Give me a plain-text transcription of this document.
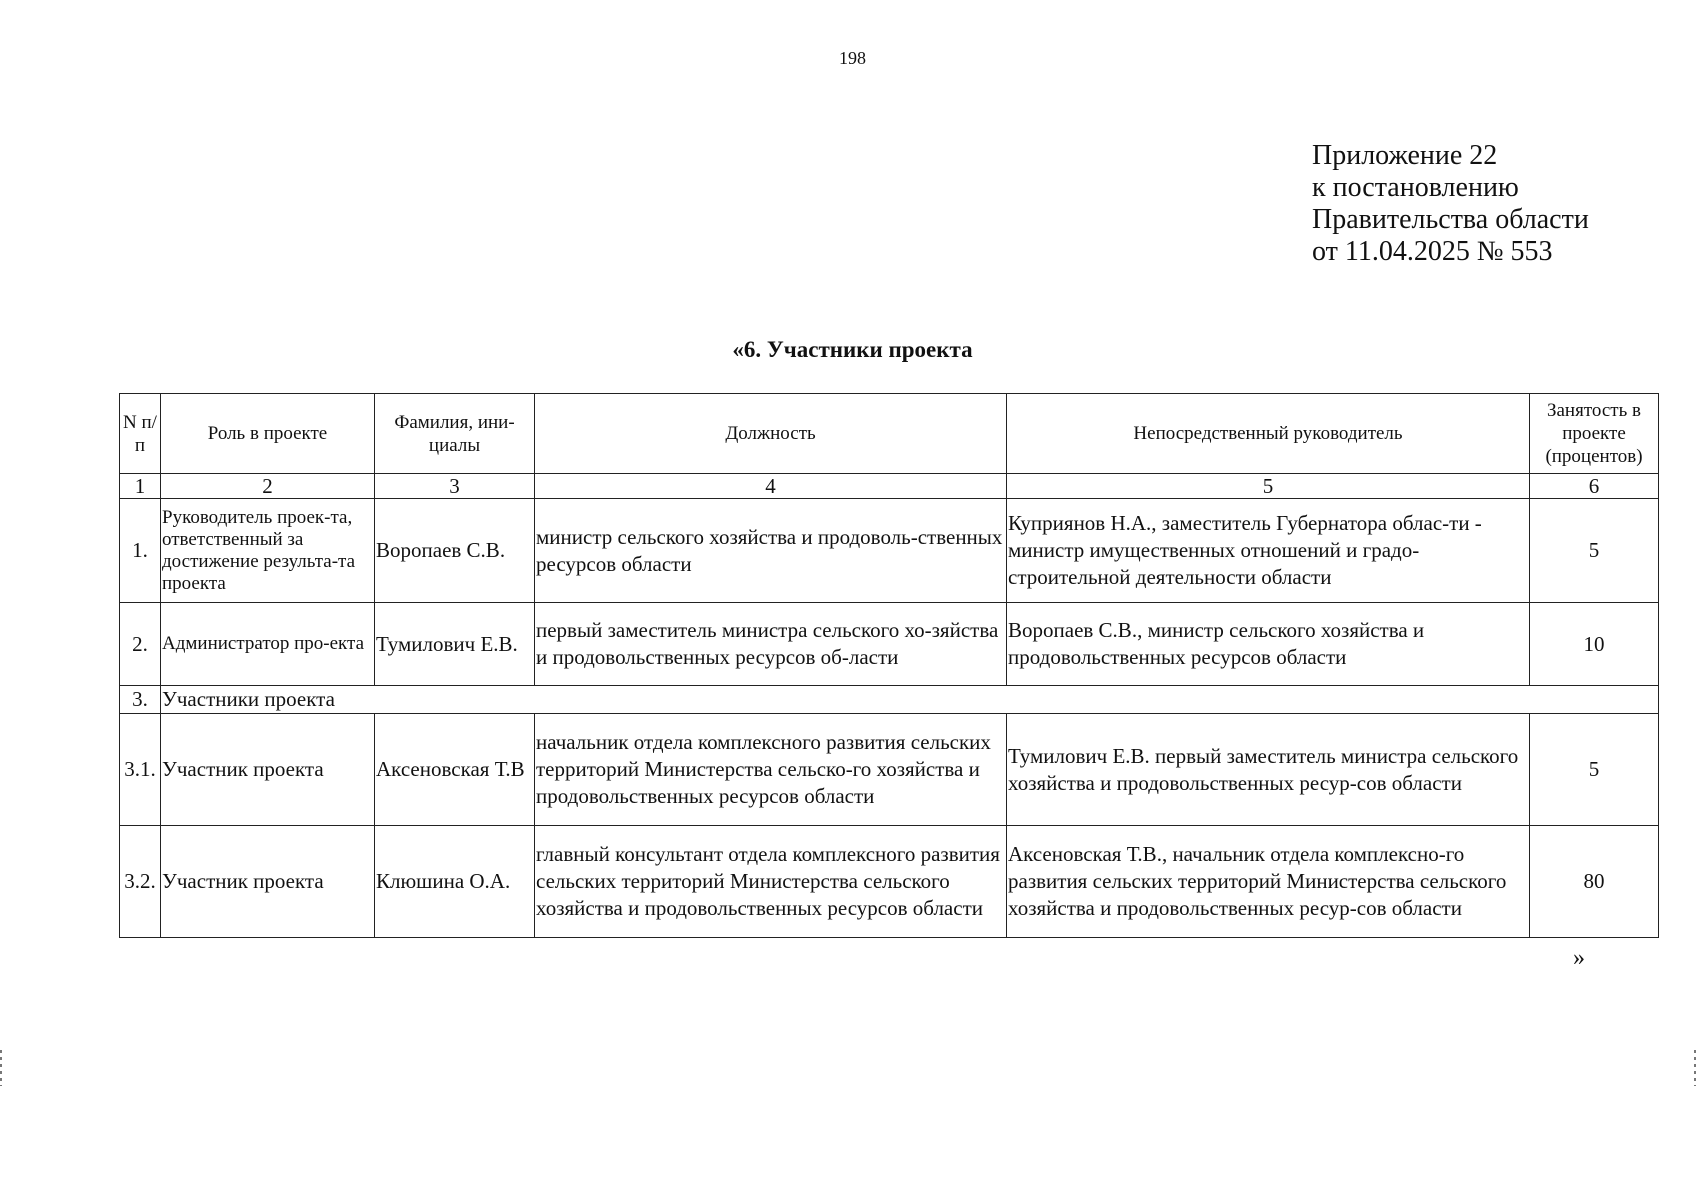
198
Приложение 22
к постановлению
Правительства области
от 11.04.2025 № 553
«6. Участники проекта
N п/п	Роль в проекте	Фамилия, ини-циалы	Должность	Непосредственный руководитель	Занятость в проекте (процентов)
1	2	3	4	5	6
1.	Руководитель проек-та, ответственный за достижение результа-та проекта	Воропаев С.В.	министр сельского хозяйства и продоволь-ственных ресурсов области	Куприянов Н.А., заместитель Губернатора облас-ти - министр имущественных отношений и градо-строительной деятельности области	5
2.	Администратор про-екта	Тумилович Е.В.	первый заместитель министра сельского хо-зяйства и продовольственных ресурсов об-ласти	Воропаев С.В., министр сельского хозяйства и продовольственных ресурсов области	10
3.	Участники проекта				
3.1.	Участник проекта	Аксеновская Т.В	начальник отдела комплексного развития сельских территорий Министерства сельско-го хозяйства и продовольственных ресурсов области	Тумилович Е.В. первый заместитель министра сельского хозяйства и продовольственных ресур-сов области	5
3.2.	Участник проекта	Клюшина О.А.	главный консультант отдела комплексного развития сельских территорий Министерства сельского хозяйства и продовольственных ресурсов области	Аксеновская Т.В., начальник отдела комплексно-го развития сельских территорий Министерства сельского хозяйства и продовольственных ресур-сов области	80
»
